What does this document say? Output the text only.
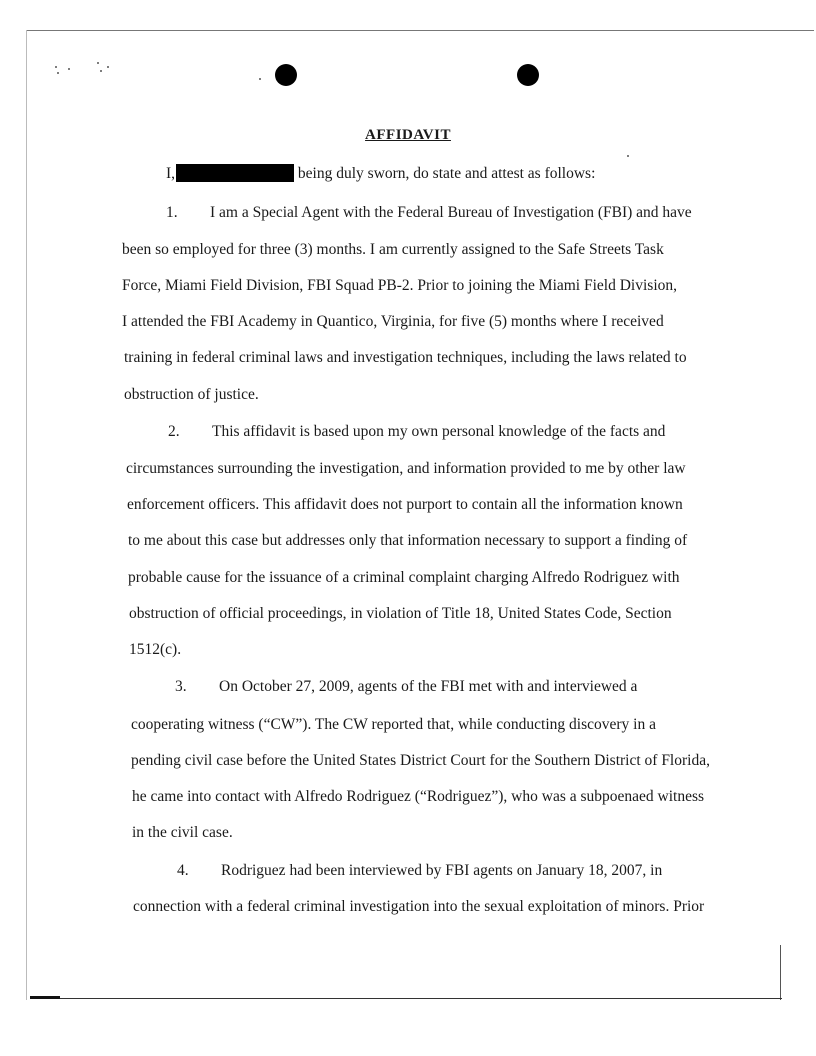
AFFIDAVIT
I,	being duly sworn, do state and attest as follows:
1. I am a Special Agent with the Federal Bureau of Investigation (FBI) and have
been so employed for three (3) months. I am currently assigned to the Safe Streets Task
Force, Miami Field Division, FBI Squad PB-2. Prior to joining the Miami Field Division,
I attended the FBI Academy in Quantico, Virginia, for five (5) months where I received
training in federal criminal laws and investigation techniques, including the laws related to
obstruction of justice.
2. This affidavit is based upon my own personal knowledge of the facts and
circumstances surrounding the investigation, and information provided to me by other law
enforcement officers. This affidavit does not purport to contain all the information known
to me about this case but addresses only that information necessary to support a finding of
probable cause for the issuance of a criminal complaint charging Alfredo Rodriguez with
obstruction of official proceedings, in violation of Title 18, United States Code, Section
1512(c).
3. On October 27, 2009, agents of the FBI met with and interviewed a
cooperating witness (“CW”). The CW reported that, while conducting discovery in a
pending civil case before the United States District Court for the Southern District of Florida,
he came into contact with Alfredo Rodriguez (“Rodriguez”), who was a subpoenaed witness
in the civil case.
4. Rodriguez had been interviewed by FBI agents on January 18, 2007, in
connection with a federal criminal investigation into the sexual exploitation of minors. Prior
